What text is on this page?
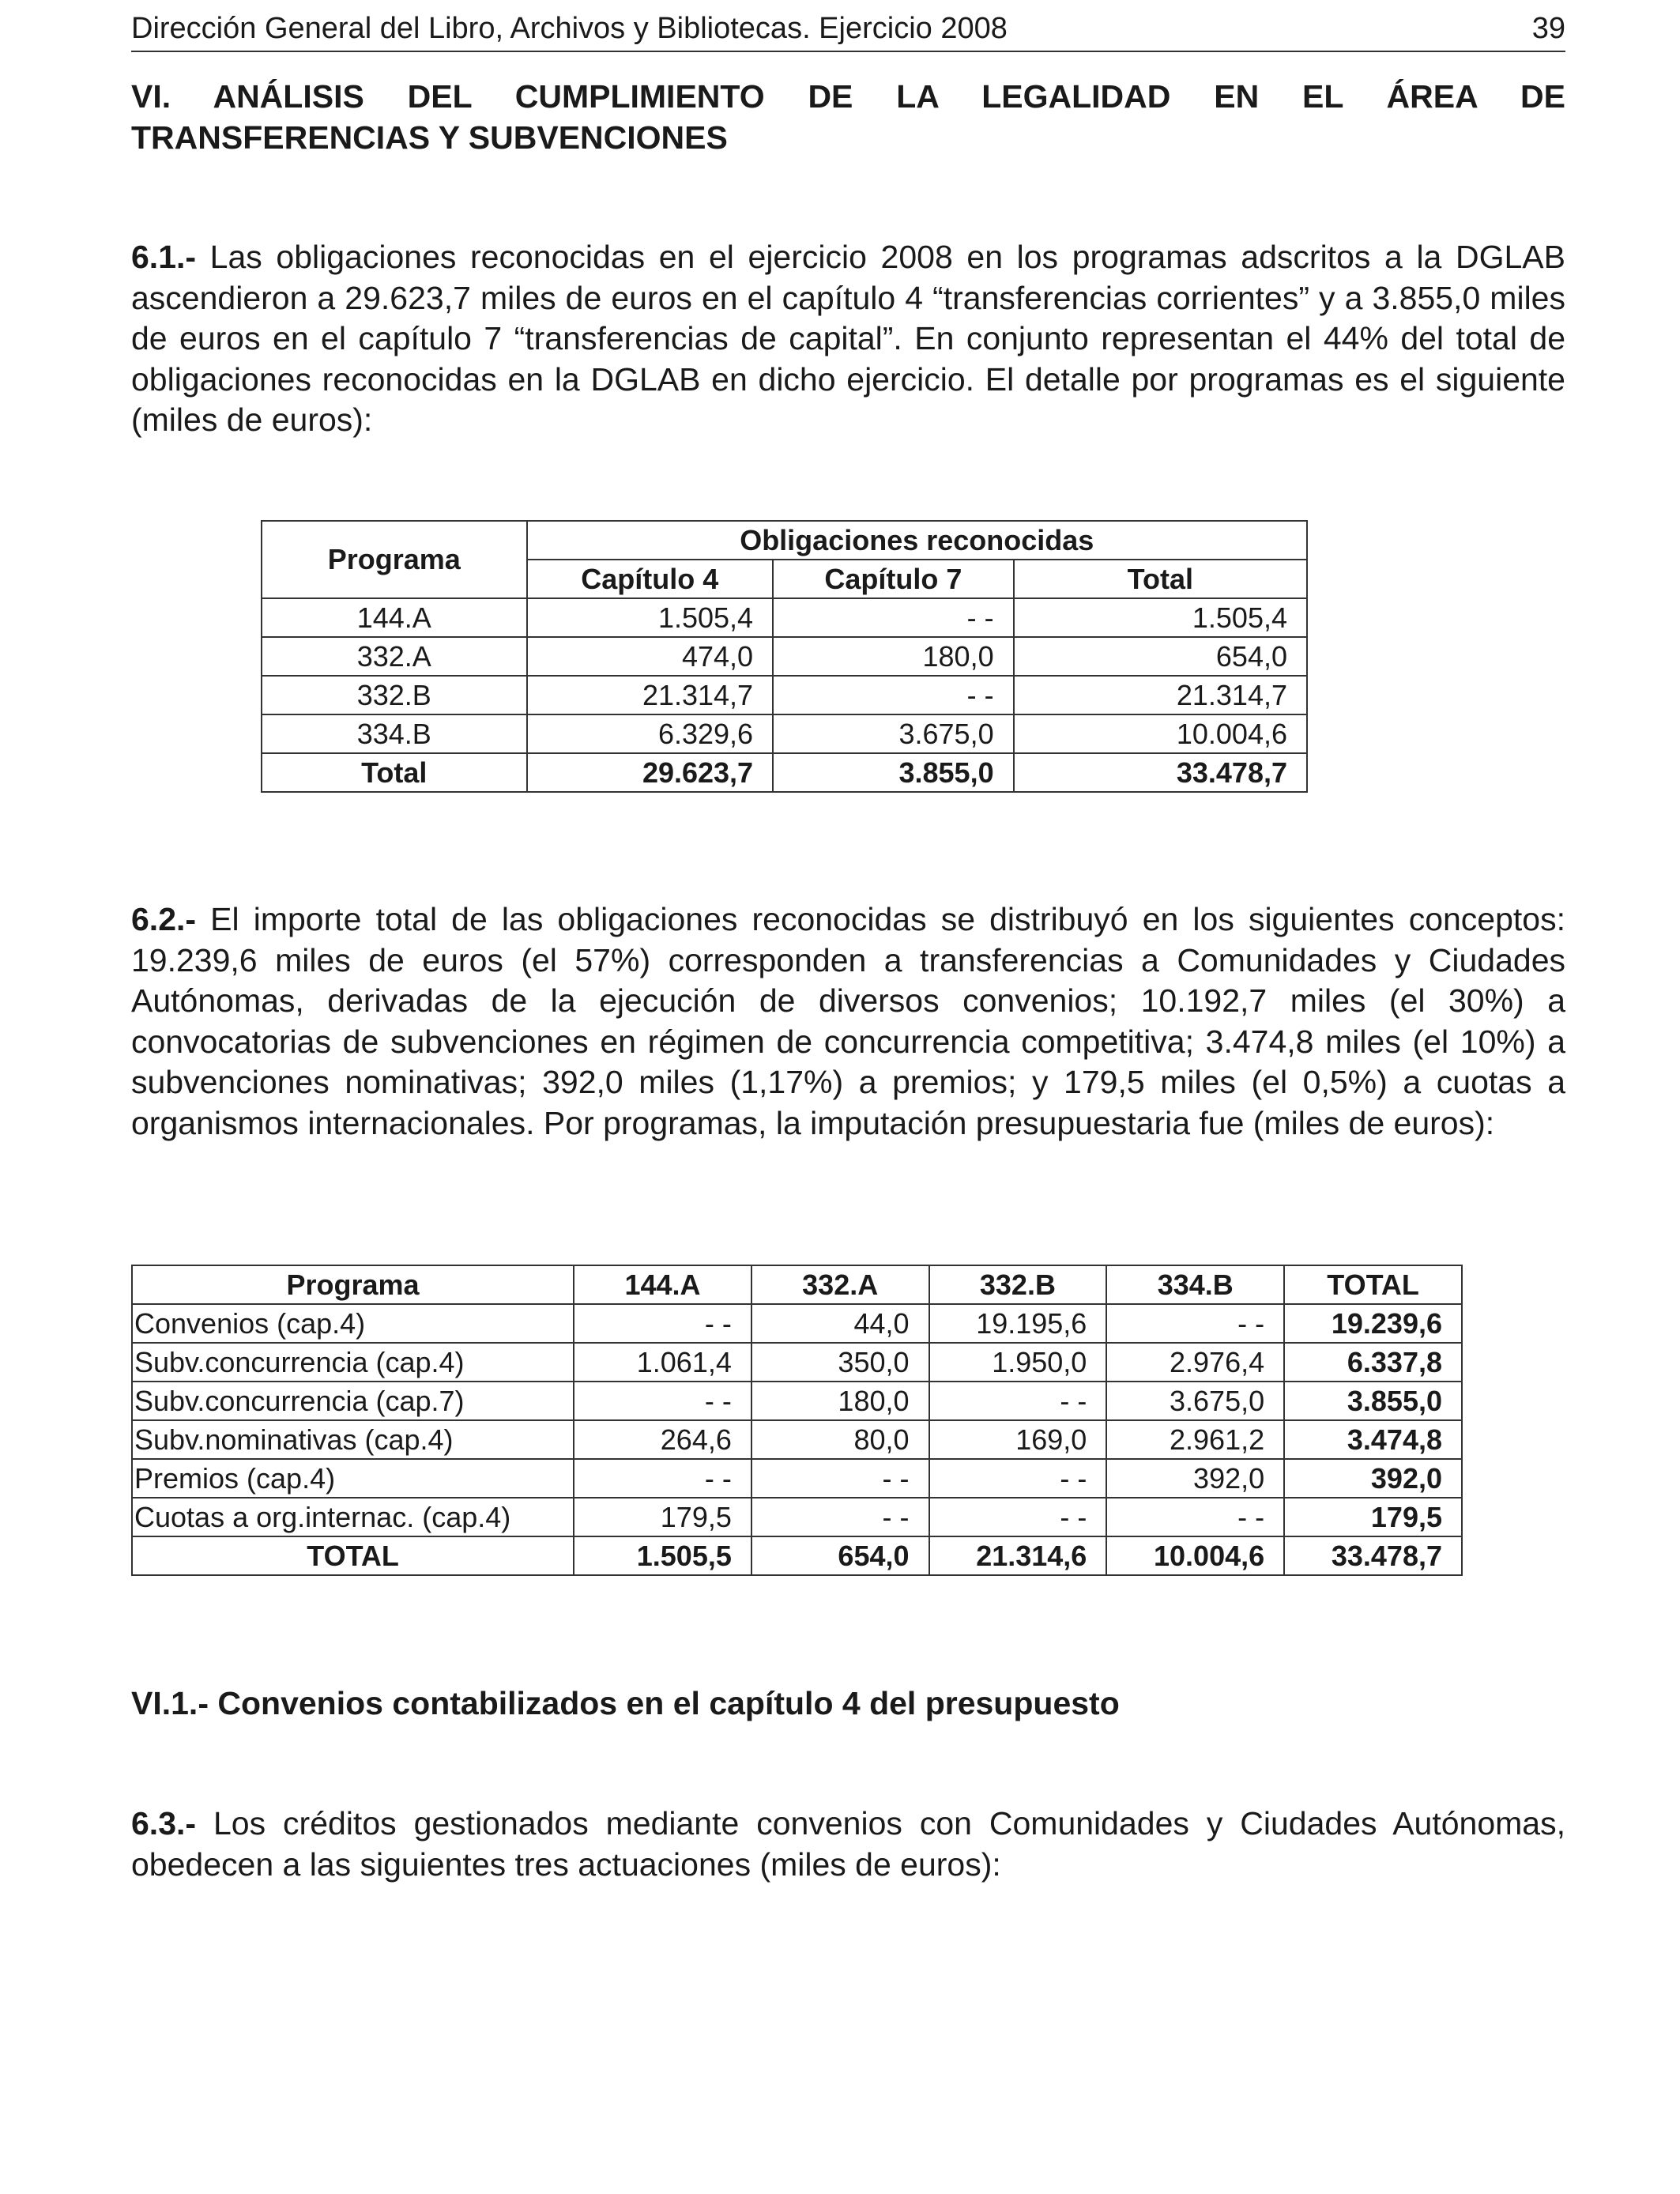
Dirección General del Libro, Archivos y Bibliotecas. Ejercicio 2008	39
VI. ANÁLISIS DEL CUMPLIMIENTO DE LA LEGALIDAD EN EL ÁREA DE
TRANSFERENCIAS Y SUBVENCIONES
6.1.- Las obligaciones reconocidas en el ejercicio 2008 en los programas adscritos a la DGLAB ascendieron a 29.623,7 miles de euros en el capítulo 4 “transferencias corrientes” y a 3.855,0 miles de euros en el capítulo 7 “transferencias de capital”. En conjunto representan el 44% del total de obligaciones reconocidas en la DGLAB en dicho ejercicio. El detalle por programas es el siguiente (miles de euros):
Programa	Obligaciones reconocidas		
	Capítulo 4	Capítulo 7	Total
144.A	1.505,4	- -	1.505,4
332.A	474,0	180,0	654,0
332.B	21.314,7	- -	21.314,7
334.B	6.329,6	3.675,0	10.004,6
Total	29.623,7	3.855,0	33.478,7
6.2.- El importe total de las obligaciones reconocidas se distribuyó en los siguientes conceptos: 19.239,6 miles de euros (el 57%) corresponden a transferencias a Comunidades y Ciudades Autónomas, derivadas de la ejecución de diversos convenios; 10.192,7 miles (el 30%) a convocatorias de subvenciones en régimen de concurrencia competitiva; 3.474,8 miles (el 10%) a subvenciones nominativas; 392,0 miles (1,17%) a premios; y 179,5 miles (el 0,5%) a cuotas a organismos internacionales. Por programas, la imputación presupuestaria fue (miles de euros):
Programa	144.A	332.A	332.B	334.B	TOTAL
Convenios (cap.4)	- -	44,0	19.195,6	- -	19.239,6
Subv.concurrencia (cap.4)	1.061,4	350,0	1.950,0	2.976,4	6.337,8
Subv.concurrencia (cap.7)	- -	180,0	- -	3.675,0	3.855,0
Subv.nominativas (cap.4)	264,6	80,0	169,0	2.961,2	3.474,8
Premios (cap.4)	- -	- -	- -	392,0	392,0
Cuotas a org.internac. (cap.4)	179,5	- -	- -	- -	179,5
TOTAL	1.505,5	654,0	21.314,6	10.004,6	33.478,7
VI.1.- Convenios contabilizados en el capítulo 4 del presupuesto
6.3.- Los créditos gestionados mediante convenios con Comunidades y Ciudades Autónomas, obedecen a las siguientes tres actuaciones (miles de euros):
